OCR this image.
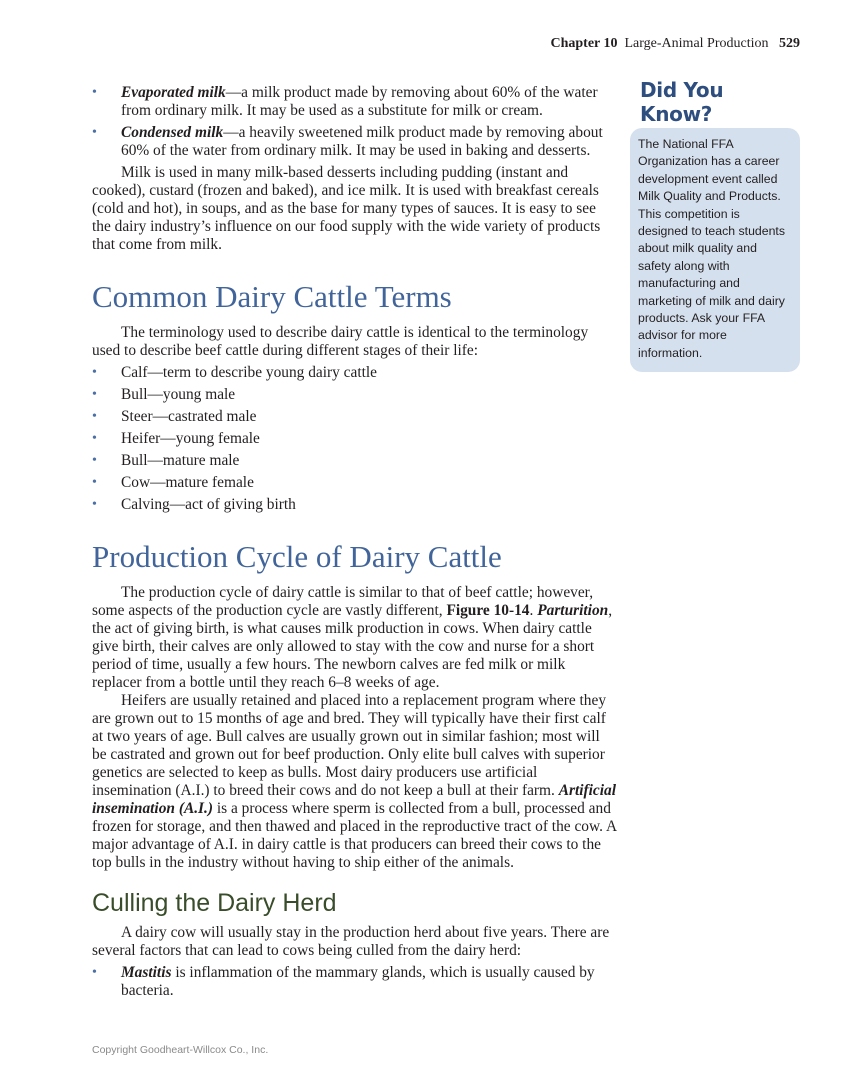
Chapter 10 Large-Animal Production 529
• Evaporated milk—a milk product made by removing about 60% of the water from ordinary milk. It may be used as a substitute for milk or cream.
• Condensed milk—a heavily sweetened milk product made by removing about 60% of the water from ordinary milk. It may be used in baking and desserts.
Milk is used in many milk-based desserts including pudding (instant and cooked), custard (frozen and baked), and ice milk. It is used with breakfast cereals (cold and hot), in soups, and as the base for many types of sauces. It is easy to see the dairy industry’s influence on our food supply with the wide variety of products that come from milk.
Common Dairy Cattle Terms
The terminology used to describe dairy cattle is identical to the terminology used to describe beef cattle during different stages of their life:
• Calf—term to describe young dairy cattle
• Bull—young male
• Steer—castrated male
• Heifer—young female
• Bull—mature male
• Cow—mature female
• Calving—act of giving birth
Production Cycle of Dairy Cattle
The production cycle of dairy cattle is similar to that of beef cattle; however, some aspects of the production cycle are vastly different, Figure 10-14. Parturition, the act of giving birth, is what causes milk production in cows. When dairy cattle give birth, their calves are only allowed to stay with the cow and nurse for a short period of time, usually a few hours. The newborn calves are fed milk or milk replacer from a bottle until they reach 6–8 weeks of age.
Heifers are usually retained and placed into a replacement program where they are grown out to 15 months of age and bred. They will typically have their first calf at two years of age. Bull calves are usually grown out in similar fashion; most will be castrated and grown out for beef production. Only elite bull calves with superior genetics are selected to keep as bulls. Most dairy producers use artificial insemination (A.I.) to breed their cows and do not keep a bull at their farm. Artificial insemination (A.I.) is a process where sperm is collected from a bull, processed and frozen for storage, and then thawed and placed in the reproductive tract of the cow. A major advantage of A.I. in dairy cattle is that producers can breed their cows to the top bulls in the industry without having to ship either of the animals.
Culling the Dairy Herd
A dairy cow will usually stay in the production herd about five years. There are several factors that can lead to cows being culled from the dairy herd:
• Mastitis is inflammation of the mammary glands, which is usually caused by bacteria.
Did You Know?
The National FFA Organization has a career development event called Milk Quality and Products. This competition is designed to teach students about milk quality and safety along with manufacturing and marketing of milk and dairy products. Ask your FFA advisor for more information.
Copyright Goodheart-Willcox Co., Inc.
